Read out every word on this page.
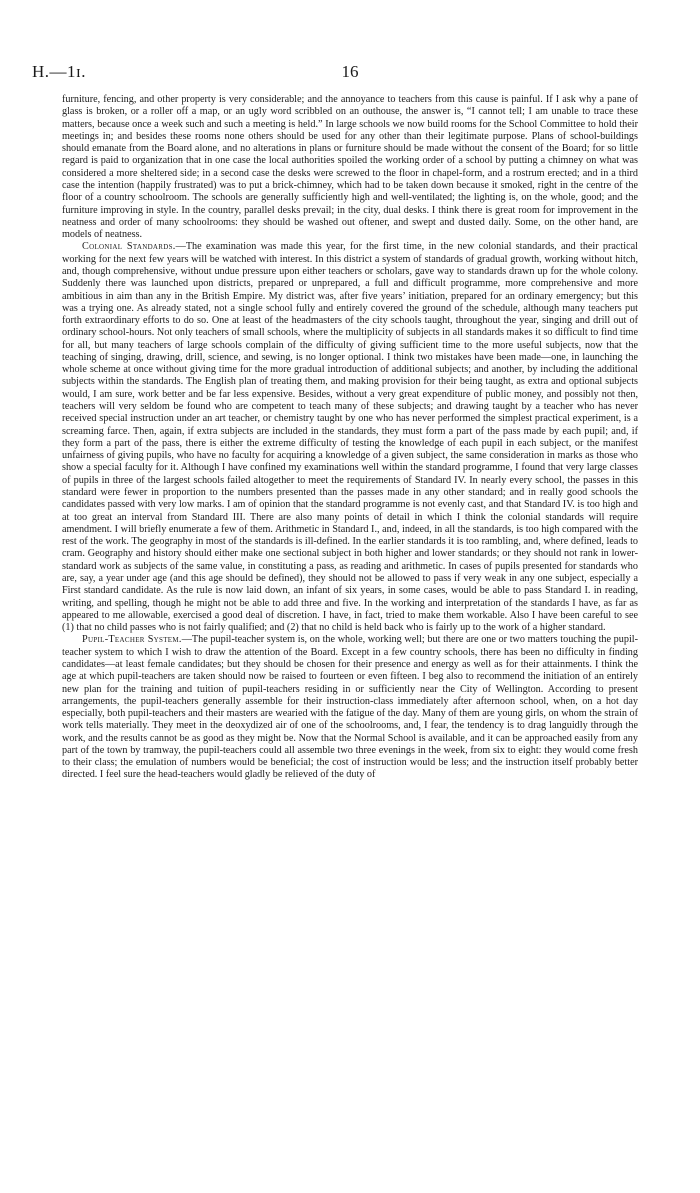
H.—1ɪ.	16

furniture, fencing, and other property is very considerable; and the annoyance to teachers from this cause is painful. If I ask why a pane of glass is broken, or a roller off a map, or an ugly word scribbled on an outhouse, the answer is, “I cannot tell; I am unable to trace these matters, because once a week such and such a meeting is held.” In large schools we now build rooms for the School Committee to hold their meetings in; and besides these rooms none others should be used for any other than their legitimate purpose. Plans of school-buildings should emanate from the Board alone, and no alterations in plans or furniture should be made without the consent of the Board; for so little regard is paid to organization that in one case the local authorities spoiled the working order of a school by putting a chimney on what was considered a more sheltered side; in a second case the desks were screwed to the floor in chapel-form, and a rostrum erected; and in a third case the intention (happily frustrated) was to put a brick-chimney, which had to be taken down because it smoked, right in the centre of the floor of a country schoolroom. The schools are generally sufficiently high and well-ventilated; the lighting is, on the whole, good; and the furniture improving in style. In the country, parallel desks prevail; in the city, dual desks. I think there is great room for improvement in the neatness and order of many schoolrooms: they should be washed out oftener, and swept and dusted daily. Some, on the other hand, are models of neatness.

Colonial Standards.—The examination was made this year, for the first time, in the new colonial standards, and their practical working for the next few years will be watched with interest. In this district a system of standards of gradual growth, working without hitch, and, though comprehensive, without undue pressure upon either teachers or scholars, gave way to standards drawn up for the whole colony. Suddenly there was launched upon districts, prepared or unprepared, a full and difficult programme, more comprehensive and more ambitious in aim than any in the British Empire. My district was, after five years’ initiation, prepared for an ordinary emergency; but this was a trying one. As already stated, not a single school fully and entirely covered the ground of the schedule, although many teachers put forth extraordinary efforts to do so. One at least of the headmasters of the city schools taught, throughout the year, singing and drill out of ordinary school-hours. Not only teachers of small schools, where the multiplicity of subjects in all standards makes it so difficult to find time for all, but many teachers of large schools complain of the difficulty of giving sufficient time to the more useful subjects, now that the teaching of singing, drawing, drill, science, and sewing, is no longer optional. I think two mistakes have been made—one, in launching the whole scheme at once without giving time for the more gradual introduction of additional subjects; and another, by including the additional subjects within the standards. The English plan of treating them, and making provision for their being taught, as extra and optional subjects would, I am sure, work better and be far less expensive. Besides, without a very great expenditure of public money, and possibly not then, teachers will very seldom be found who are competent to teach many of these subjects; and drawing taught by a teacher who has never received special instruction under an art teacher, or chemistry taught by one who has never performed the simplest practical experiment, is a screaming farce. Then, again, if extra subjects are included in the standards, they must form a part of the pass made by each pupil; and, if they form a part of the pass, there is either the extreme difficulty of testing the knowledge of each pupil in each subject, or the manifest unfairness of giving pupils, who have no faculty for acquiring a knowledge of a given subject, the same consideration in marks as those who show a special faculty for it. Although I have confined my examinations well within the standard programme, I found that very large classes of pupils in three of the largest schools failed altogether to meet the requirements of Standard IV. In nearly every school, the passes in this standard were fewer in proportion to the numbers presented than the passes made in any other standard; and in really good schools the candidates passed with very low marks. I am of opinion that the standard programme is not evenly cast, and that Standard IV. is too high and at too great an interval from Standard III. There are also many points of detail in which I think the colonial standards will require amendment. I will briefly enumerate a few of them. Arithmetic in Standard I., and, indeed, in all the standards, is too high compared with the rest of the work. The geography in most of the standards is ill-defined. In the earlier standards it is too rambling, and, where defined, leads to cram. Geography and history should either make one sectional subject in both higher and lower standards; or they should not rank in lower-standard work as subjects of the same value, in constituting a pass, as reading and arithmetic. In cases of pupils presented for standards who are, say, a year under age (and this age should be defined), they should not be allowed to pass if very weak in any one subject, especially a First standard candidate. As the rule is now laid down, an infant of six years, in some cases, would be able to pass Standard I. in reading, writing, and spelling, though he might not be able to add three and five. In the working and interpretation of the standards I have, as far as appeared to me allowable, exercised a good deal of discretion. I have, in fact, tried to make them workable. Also I have been careful to see (1) that no child passes who is not fairly qualified; and (2) that no child is held back who is fairly up to the work of a higher standard.

Pupil-Teacher System.—The pupil-teacher system is, on the whole, working well; but there are one or two matters touching the pupil-teacher system to which I wish to draw the attention of the Board. Except in a few country schools, there has been no difficulty in finding candidates—at least female candidates; but they should be chosen for their presence and energy as well as for their attainments. I think the age at which pupil-teachers are taken should now be raised to fourteen or even fifteen. I beg also to recommend the initiation of an entirely new plan for the training and tuition of pupil-teachers residing in or sufficiently near the City of Wellington. According to present arrangements, the pupil-teachers generally assemble for their instruction-class immediately after afternoon school, when, on a hot day especially, both pupil-teachers and their masters are wearied with the fatigue of the day. Many of them are young girls, on whom the strain of work tells materially. They meet in the deoxydized air of one of the schoolrooms, and, I fear, the tendency is to drag languidly through the work, and the results cannot be as good as they might be. Now that the Normal School is available, and it can be approached easily from any part of the town by tramway, the pupil-teachers could all assemble two three evenings in the week, from six to eight: they would come fresh to their class; the emulation of numbers would be beneficial; the cost of instruction would be less; and the instruction itself probably better directed. I feel sure the head-teachers would gladly be relieved of the duty of
